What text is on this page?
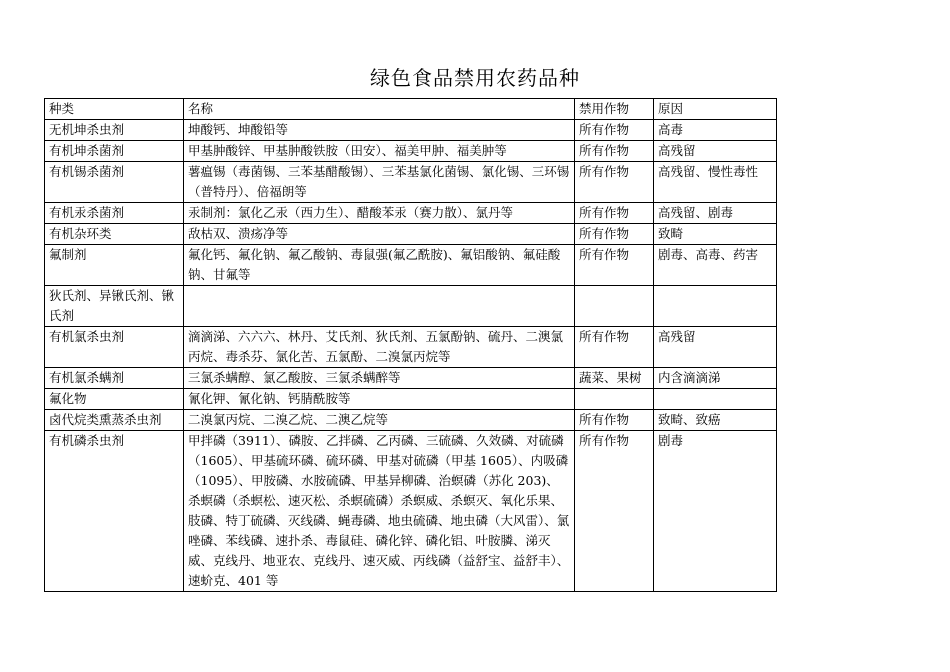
绿色食品禁用农药品种
种类	名称	禁用作物	原因
无机坤杀虫剂	坤酸钙、坤酸铅等	所有作物	高毒
有机坤杀菌剂	甲基肿酸锌、甲基肿酸铁胺（田安）、福美甲肿、福美肿等	所有作物	高残留
有机锡杀菌剂	薯瘟锡（毒菌锡、三苯基醋酸锡）、三苯基氯化菌锡、氯化锡、三环锡（普特丹）、倍福朗等	所有作物	高残留、慢性毒性
有机汞杀菌剂	汞制剂：氯化乙汞（西力生）、醋酸苯汞（赛力散）、氯丹等	所有作物	高残留、剧毒
有机杂环类	敌枯双、溃疡净等	所有作物	致畸
氟制剂	氟化钙、氟化钠、氟乙酸钠、毒鼠强(氟乙酰胺)、氟铝酸钠、氟硅酸钠、甘氟等	所有作物	剧毒、高毒、药害
狄氏剂、异锹氏剂、锹氏剂			
有机氯杀虫剂	滴滴涕、六六六、林丹、艾氏剂、狄氏剂、五氯酚钠、硫丹、二澳氯丙烷、毒杀芬、氯化苦、五氯酚、二溴氯丙烷等	所有作物	高残留
有机氯杀螨剂	三氯杀螨醇、氯乙酸胺、三氯杀螨醉等	蔬菜、果树	内含滴滴涕
氟化物	氰化钾、氰化钠、钙腈酰胺等		
卤代烷类熏蒸杀虫剂	二溴氯丙烷、二溴乙烷、二澳乙烷等	所有作物	致畸、致癌
有机磷杀虫剂	甲拌磷（3911）、磷胺、乙拌磷、乙丙磷、三硫磷、久效磷、对硫磷（1605）、甲基硫环磷、硫环磷、甲基对硫磷（甲基 1605）、内吸磷（1095）、甲胺磷、水胺硫磷、甲基异柳磷、治螟磷（苏化 203)、杀螟磷（杀螟松、速灭松、杀螟硫磷）杀螟威、杀螟灭、氧化乐果、肢磷、特丁硫磷、灭线磷、蝇毒磷、地虫硫磷、地虫磷（大风雷）、氯唑磷、苯线磷、速扑杀、毒鼠硅、磷化锌、磷化铝、叶胺膦、涕灭威、克线丹、地亚农、克线丹、速灭威、丙线磷（益舒宝、益舒丰）、速蚧克、401 等	所有作物	剧毒
